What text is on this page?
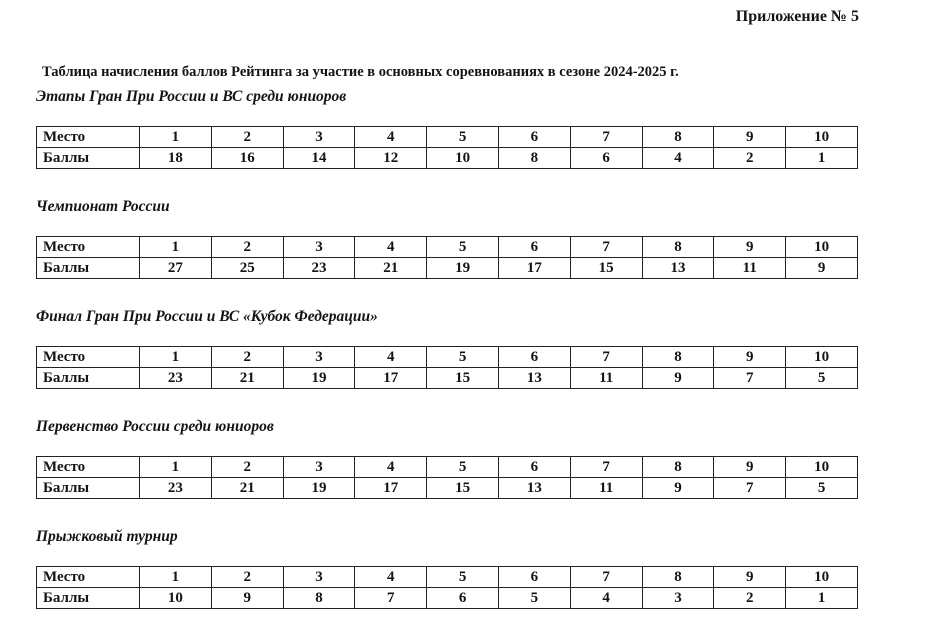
Приложение № 5
Таблица начисления баллов Рейтинга за участие в основных соревнованиях в сезоне 2024-2025 г.
Этапы Гран При России и ВС среди юниоров
Место	1	2	3	4	5	6	7	8	9	10
Баллы	18	16	14	12	10	8	6	4	2	1
Чемпионат России
Место	1	2	3	4	5	6	7	8	9	10
Баллы	27	25	23	21	19	17	15	13	11	9
Финал Гран При России и ВС «Кубок Федерации»
Место	1	2	3	4	5	6	7	8	9	10
Баллы	23	21	19	17	15	13	11	9	7	5
Первенство России среди юниоров
Место	1	2	3	4	5	6	7	8	9	10
Баллы	23	21	19	17	15	13	11	9	7	5
Прыжковый турнир
Место	1	2	3	4	5	6	7	8	9	10
Баллы	10	9	8	7	6	5	4	3	2	1
